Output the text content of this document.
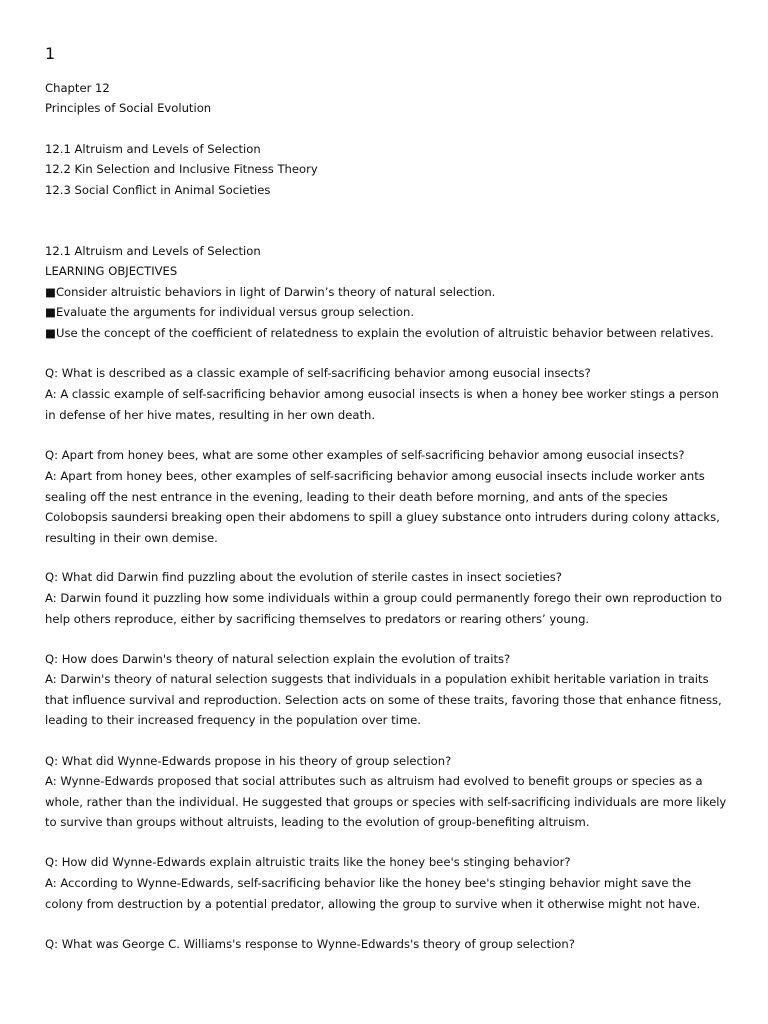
1
Chapter 12
Principles of Social Evolution
12.1 Altruism and Levels of Selection
12.2 Kin Selection and Inclusive Fitness Theory
12.3 Social Conflict in Animal Societies
12.1 Altruism and Levels of Selection
LEARNING OBJECTIVES
■Consider altruistic behaviors in light of Darwin’s theory of natural selection.
■Evaluate the arguments for individual versus group selection.
■Use the concept of the coefficient of relatedness to explain the evolution of altruistic behavior between relatives.
Q: What is described as a classic example of self-sacrificing behavior among eusocial insects?
A: A classic example of self-sacrificing behavior among eusocial insects is when a honey bee worker stings a person in defense of her hive mates, resulting in her own death.
Q: Apart from honey bees, what are some other examples of self-sacrificing behavior among eusocial insects?
A: Apart from honey bees, other examples of self-sacrificing behavior among eusocial insects include worker ants sealing off the nest entrance in the evening, leading to their death before morning, and ants of the species Colobopsis saundersi breaking open their abdomens to spill a gluey substance onto intruders during colony attacks, resulting in their own demise.
Q: What did Darwin find puzzling about the evolution of sterile castes in insect societies?
A: Darwin found it puzzling how some individuals within a group could permanently forego their own reproduction to help others reproduce, either by sacrificing themselves to predators or rearing others’ young.
Q: How does Darwin's theory of natural selection explain the evolution of traits?
A: Darwin's theory of natural selection suggests that individuals in a population exhibit heritable variation in traits that influence survival and reproduction. Selection acts on some of these traits, favoring those that enhance fitness, leading to their increased frequency in the population over time.
Q: What did Wynne-Edwards propose in his theory of group selection?
A: Wynne-Edwards proposed that social attributes such as altruism had evolved to benefit groups or species as a whole, rather than the individual. He suggested that groups or species with self-sacrificing individuals are more likely to survive than groups without altruists, leading to the evolution of group-benefiting altruism.
Q: How did Wynne-Edwards explain altruistic traits like the honey bee's stinging behavior?
A: According to Wynne-Edwards, self-sacrificing behavior like the honey bee's stinging behavior might save the colony from destruction by a potential predator, allowing the group to survive when it otherwise might not have.
Q: What was George C. Williams's response to Wynne-Edwards's theory of group selection?
